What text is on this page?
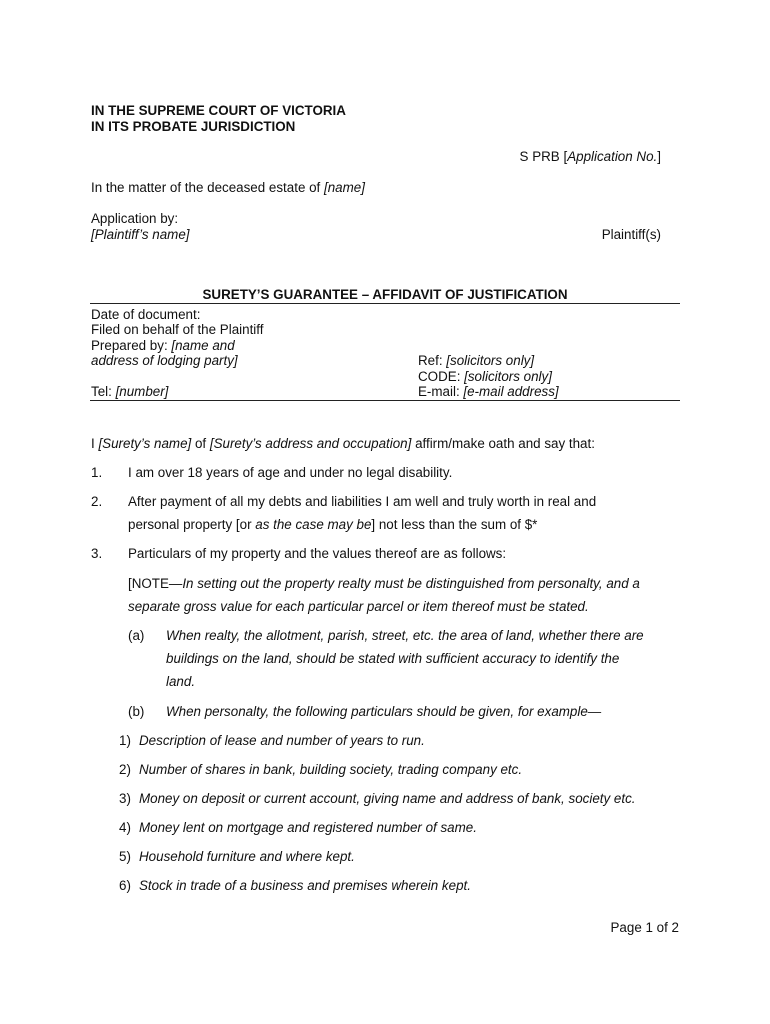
IN THE SUPREME COURT OF VICTORIA
IN ITS PROBATE JURISDICTION
S PRB [Application No.]
In the matter of the deceased estate of [name]
Application by:
[Plaintiff’s name]	Plaintiff(s)
SURETY’S GUARANTEE – AFFIDAVIT OF JUSTIFICATION
Date of document:
Filed on behalf of the Plaintiff
Prepared by: [name and
address of lodging party]
Tel: [number]
Ref: [solicitors only]
CODE: [solicitors only]
E-mail: [e-mail address]
I [Surety’s name] of [Surety’s address and occupation] affirm/make oath and say that:
1. I am over 18 years of age and under no legal disability.
2. After payment of all my debts and liabilities I am well and truly worth in real and
personal property [or as the case may be] not less than the sum of $*
3. Particulars of my property and the values thereof are as follows:
[NOTE—In setting out the property realty must be distinguished from personalty, and a
separate gross value for each particular parcel or item thereof must be stated.
(a) When realty, the allotment, parish, street, etc. the area of land, whether there are
buildings on the land, should be stated with sufficient accuracy to identify the
land.
(b) When personalty, the following particulars should be given, for example—
1) Description of lease and number of years to run.
2) Number of shares in bank, building society, trading company etc.
3) Money on deposit or current account, giving name and address of bank, society etc.
4) Money lent on mortgage and registered number of same.
5) Household furniture and where kept.
6) Stock in trade of a business and premises wherein kept.
Page 1 of 2
